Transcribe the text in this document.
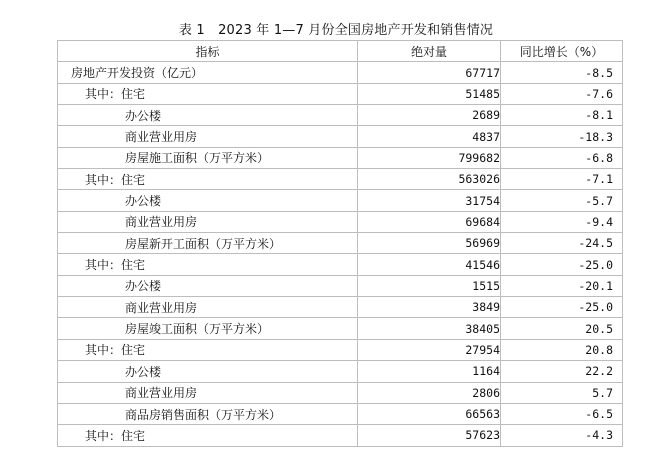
表 1　2023 年 1—7 月份全国房地产开发和销售情况
指标	绝对量	同比增长（%）
房地产开发投资（亿元）	67717	-8.5
其中：住宅	51485	-7.6
办公楼	2689	-8.1
商业营业用房	4837	-18.3
房屋施工面积（万平方米）	799682	-6.8
其中：住宅	563026	-7.1
办公楼	31754	-5.7
商业营业用房	69684	-9.4
房屋新开工面积（万平方米）	56969	-24.5
其中：住宅	41546	-25.0
办公楼	1515	-20.1
商业营业用房	3849	-25.0
房屋竣工面积（万平方米）	38405	20.5
其中：住宅	27954	20.8
办公楼	1164	22.2
商业营业用房	2806	5.7
商品房销售面积（万平方米）	66563	-6.5
其中：住宅	57623	-4.3
